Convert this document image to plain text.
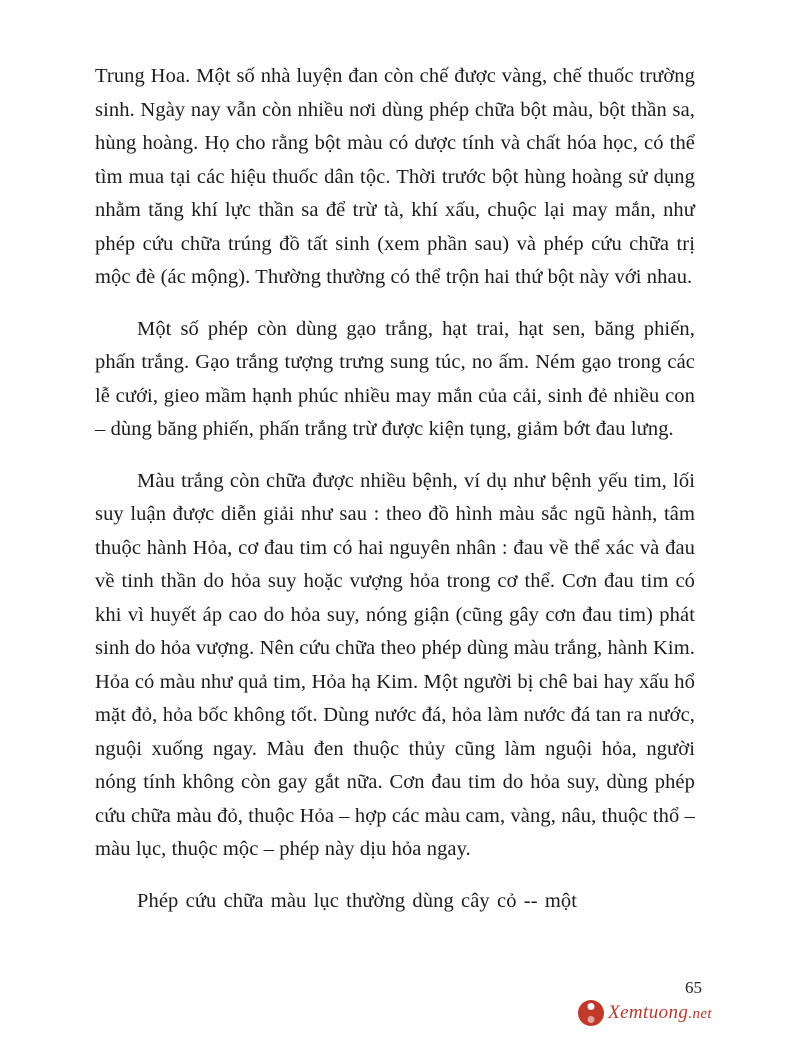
Trung Hoa. Một số nhà luyện đan còn chế được vàng, chế thuốc trường sinh. Ngày nay vẫn còn nhiều nơi dùng phép chữa bột màu, bột thần sa, hùng hoàng. Họ cho rằng bột màu có dược tính và chất hóa học, có thể tìm mua tại các hiệu thuốc dân tộc. Thời trước bột hùng hoàng sử dụng nhằm tăng khí lực thần sa để trừ tà, khí xấu, chuộc lại may mắn, như phép cứu chữa trúng đồ tất sinh (xem phần sau) và phép cứu chữa trị mộc đè (ác mộng). Thường thường có thể trộn hai thứ bột này với nhau.

Một số phép còn dùng gạo trắng, hạt trai, hạt sen, băng phiến, phấn trắng. Gạo trắng tượng trưng sung túc, no ấm. Ném gạo trong các lễ cưới, gieo mầm hạnh phúc nhiều may mắn của cải, sinh đẻ nhiều con – dùng băng phiến, phấn trắng trừ được kiện tụng, giảm bớt đau lưng.

Màu trắng còn chữa được nhiều bệnh, ví dụ như bệnh yếu tim, lối suy luận được diễn giải như sau : theo đồ hình màu sắc ngũ hành, tâm thuộc hành Hỏa, cơ đau tim có hai nguyên nhân : đau về thể xác và đau về tinh thần do hỏa suy hoặc vượng hỏa trong cơ thể. Cơn đau tim có khi vì huyết áp cao do hỏa suy, nóng giận (cũng gây cơn đau tim) phát sinh do hỏa vượng. Nên cứu chữa theo phép dùng màu trắng, hành Kim. Hỏa có màu như quả tim, Hỏa hạ Kim. Một người bị chê bai hay xấu hổ mặt đỏ, hỏa bốc không tốt. Dùng nước đá, hỏa làm nước đá tan ra nước, nguội xuống ngay. Màu đen thuộc thủy cũng làm nguội hỏa, người nóng tính không còn gay gắt nữa. Cơn đau tim do hỏa suy, dùng phép cứu chữa màu đỏ, thuộc Hỏa – hợp các màu cam, vàng, nâu, thuộc thổ – màu lục, thuộc mộc – phép này dịu hỏa ngay.

Phép cứu chữa màu lục thường dùng cây cỏ -- một

65
Xemtuong.net
